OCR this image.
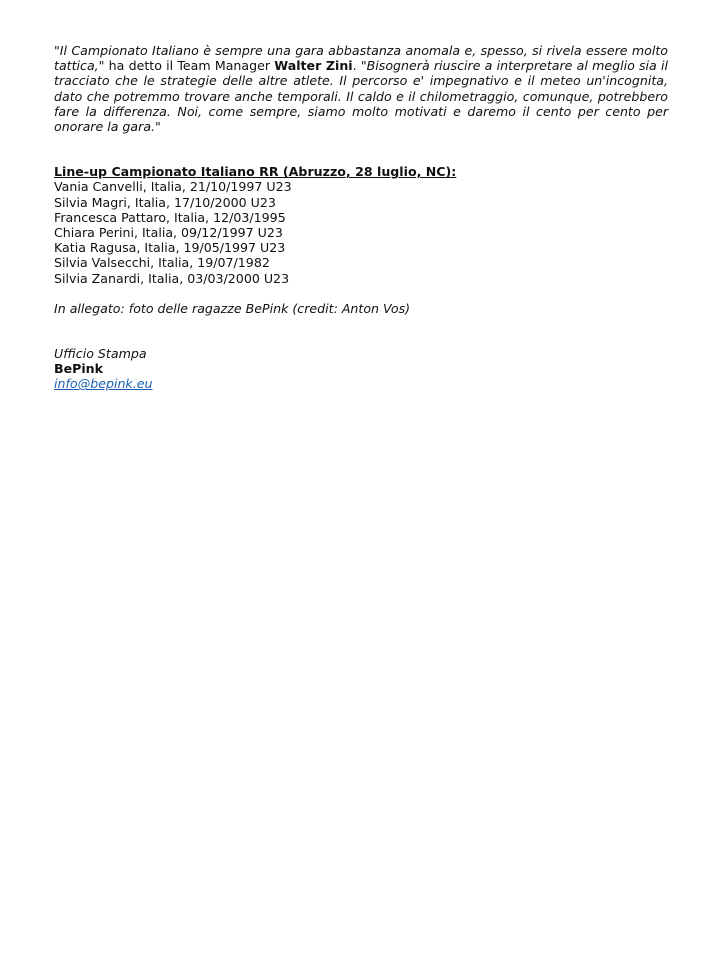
"Il Campionato Italiano è sempre una gara abbastanza anomala e, spesso, si rivela essere molto tattica," ha detto il Team Manager Walter Zini. "Bisognerà riuscire a interpretare al meglio sia il tracciato che le strategie delle altre atlete. Il percorso e' impegnativo e il meteo un'incognita, dato che potremmo trovare anche temporali. Il caldo e il chilometraggio, comunque, potrebbero fare la differenza. Noi, come sempre, siamo molto motivati e daremo il cento per cento per onorare la gara."

Line-up Campionato Italiano RR (Abruzzo, 28 luglio, NC):
Vania Canvelli, Italia, 21/10/1997 U23
Silvia Magri, Italia, 17/10/2000 U23
Francesca Pattaro, Italia, 12/03/1995
Chiara Perini, Italia, 09/12/1997 U23
Katia Ragusa, Italia, 19/05/1997 U23
Silvia Valsecchi, Italia, 19/07/1982
Silvia Zanardi, Italia, 03/03/2000 U23
In allegato: foto delle ragazze BePink (credit: Anton Vos)
Ufficio Stampa
BePink
info@bepink.eu
